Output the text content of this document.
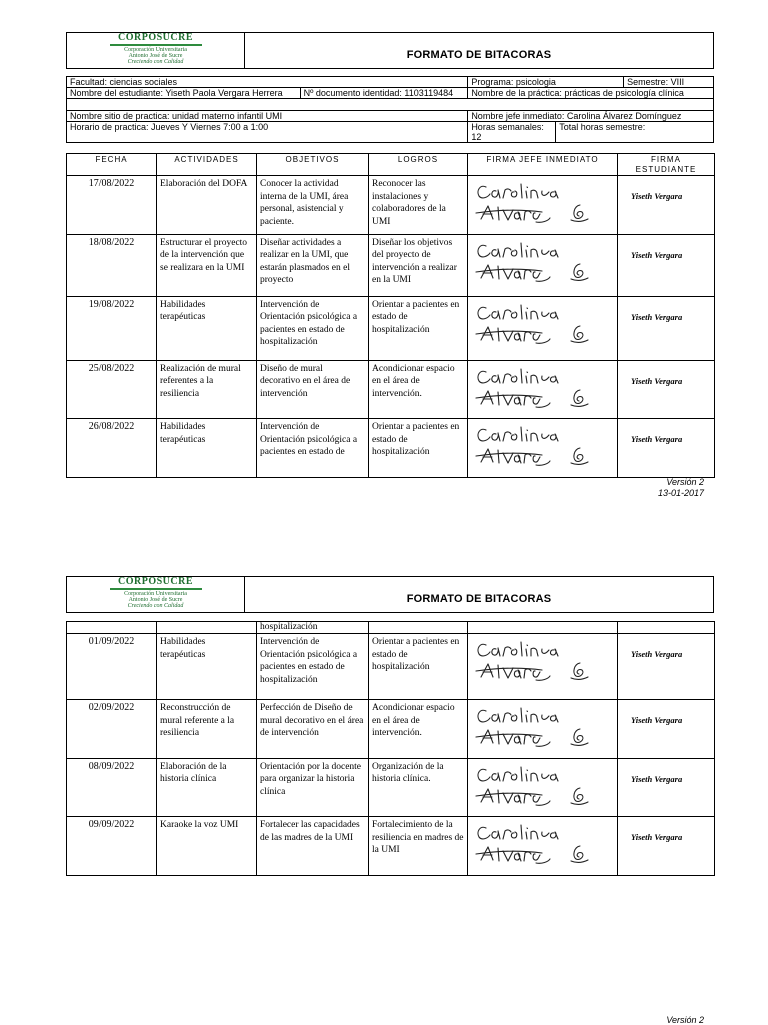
CORPOSUCRE
Corporación Universitaria
Antonio José de Sucre
Creciendo con Calidad
	FORMATO DE BITACORAS
Facultad: ciencias sociales		Programa: psicologia		Semestre: VIII
Nombre del estudiante: Yiseth Paola Vergara Herrera	Nº documento identidad: 1103119484	Nombre de la práctica: prácticas de psicología clínica		

Nombre sitio de practica: unidad materno infantil UMI		Nombre jefe inmediato: Carolina Álvarez Domínguez		
Horario de practica: Jueves Y Viernes 7:00 a 1:00		Horas semanales: 12	Total horas semestre:	
FECHA	ACTIVIDADES	OBJETIVOS	LOGROS	FIRMA JEFE INMEDIATO	FIRMA ESTUDIANTE
17/08/2022	Elaboración del DOFA	Conocer la actividad interna de la UMI, área personal, asistencial y paciente.	Reconocer las instalaciones y colaboradores de la UMI		Yiseth Vergara

18/08/2022	Estructurar el proyecto de la intervención que se realizara en la UMI	Diseñar actividades a realizar en la UMI, que estarán plasmados en el proyecto	Diseñar los objetivos del proyecto de intervención a realizar en la UMI		Yiseth Vergara

19/08/2022	Habilidades terapéuticas	Intervención de Orientación psicológica a pacientes en estado de hospitalización	Orientar a pacientes en estado de hospitalización		Yiseth Vergara

25/08/2022	Realización de mural referentes a la resiliencia	Diseño de mural decorativo en el área de intervención	Acondicionar espacio en el área de intervención.		Yiseth Vergara

26/08/2022	Habilidades terapéuticas	Intervención de Orientación psicológica a pacientes en estado de	Orientar a pacientes en estado de hospitalización		Yiseth Vergara
Versión 2
13-01-2017
CORPOSUCRE
Corporación Universitaria
Antonio José de Sucre
Creciendo con Calidad
	FORMATO DE BITACORAS
		hospitalización			
01/09/2022	Habilidades terapéuticas	Intervención de Orientación psicológica a pacientes en estado de hospitalización	Orientar a pacientes en estado de hospitalización		Yiseth Vergara

02/09/2022	Reconstrucción de mural referente a la resiliencia	Perfección de Diseño de mural decorativo en el área de intervención	Acondicionar espacio en el área de intervención.		Yiseth Vergara

08/09/2022	Elaboración de la historia clínica	Orientación por la docente para organizar la historia clínica	Organización de la historia clínica.		Yiseth Vergara

09/09/2022	Karaoke la voz UMI	Fortalecer las capacidades de las madres de la UMI	Fortalecimiento de la resiliencia en madres de la UMI		Yiseth Vergara
Versión 2
